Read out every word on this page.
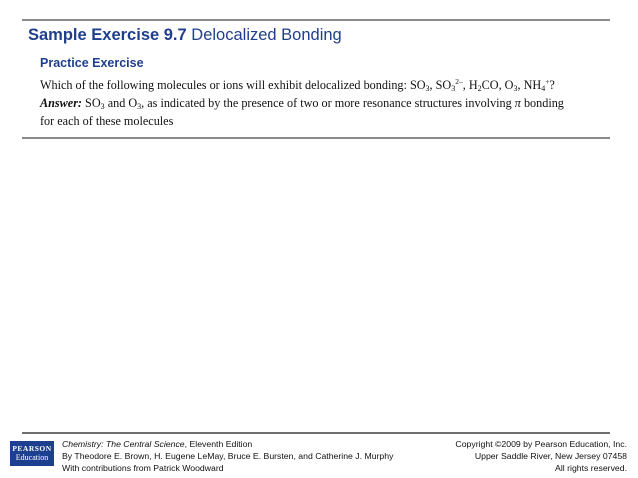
Sample Exercise 9.7 Delocalized Bonding
Practice Exercise

Which of the following molecules or ions will exhibit delocalized bonding: $SO_3$, $SO_3^{2-}$, $H_2CO$, $O_3$, $NH_4^+$?

Answer: $SO_3$ and $O_3$, as indicated by the presence of two or more resonance structures involving π bonding

for each of these molecules

PEARSON
Education
Chemistry: The Central Science, Eleventh Edition
By Theodore E. Brown, H. Eugene LeMay, Bruce E. Bursten, and Catherine J. Murphy
With contributions from Patrick Woodward
Copyright ©2009 by Pearson Education, Inc.
Upper Saddle River, New Jersey 07458
All rights reserved.
